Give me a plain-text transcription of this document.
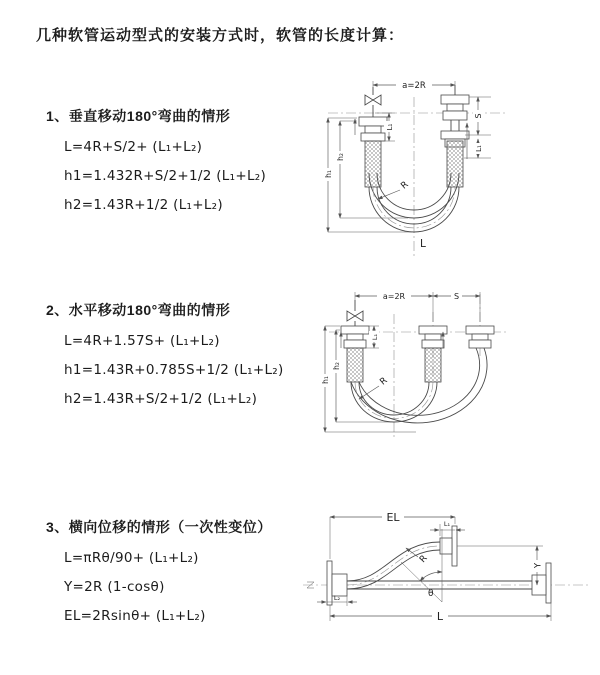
几种软管运动型式的安装方式时，软管的长度计算：
1、垂直移动180°弯曲的情形
L=4R+S/2+ (L₁+L₂)
h1=1.432R+S/2+1/2 (L₁+L₂)
h2=1.43R+1/2 (L₁+L₂)
a=2R
S
L₁
L₁
h₁
h₂
R
L
2、水平移动180°弯曲的情形
L=4R+1.57S+ (L₁+L₂)
h1=1.43R+0.785S+1/2 (L₁+L₂)
h2=1.43R+S/2+1/2 (L₁+L₂)
a=2R	S
L₁
h₁
h₂
R
3、横向位移的情形（一次性变位）
L=πRθ/90+ (L₁+L₂)
Y=2R (1-cosθ)
EL=2Rsinθ+ (L₁+L₂)
θ
EL	L₁
Y
R
L
L₂
